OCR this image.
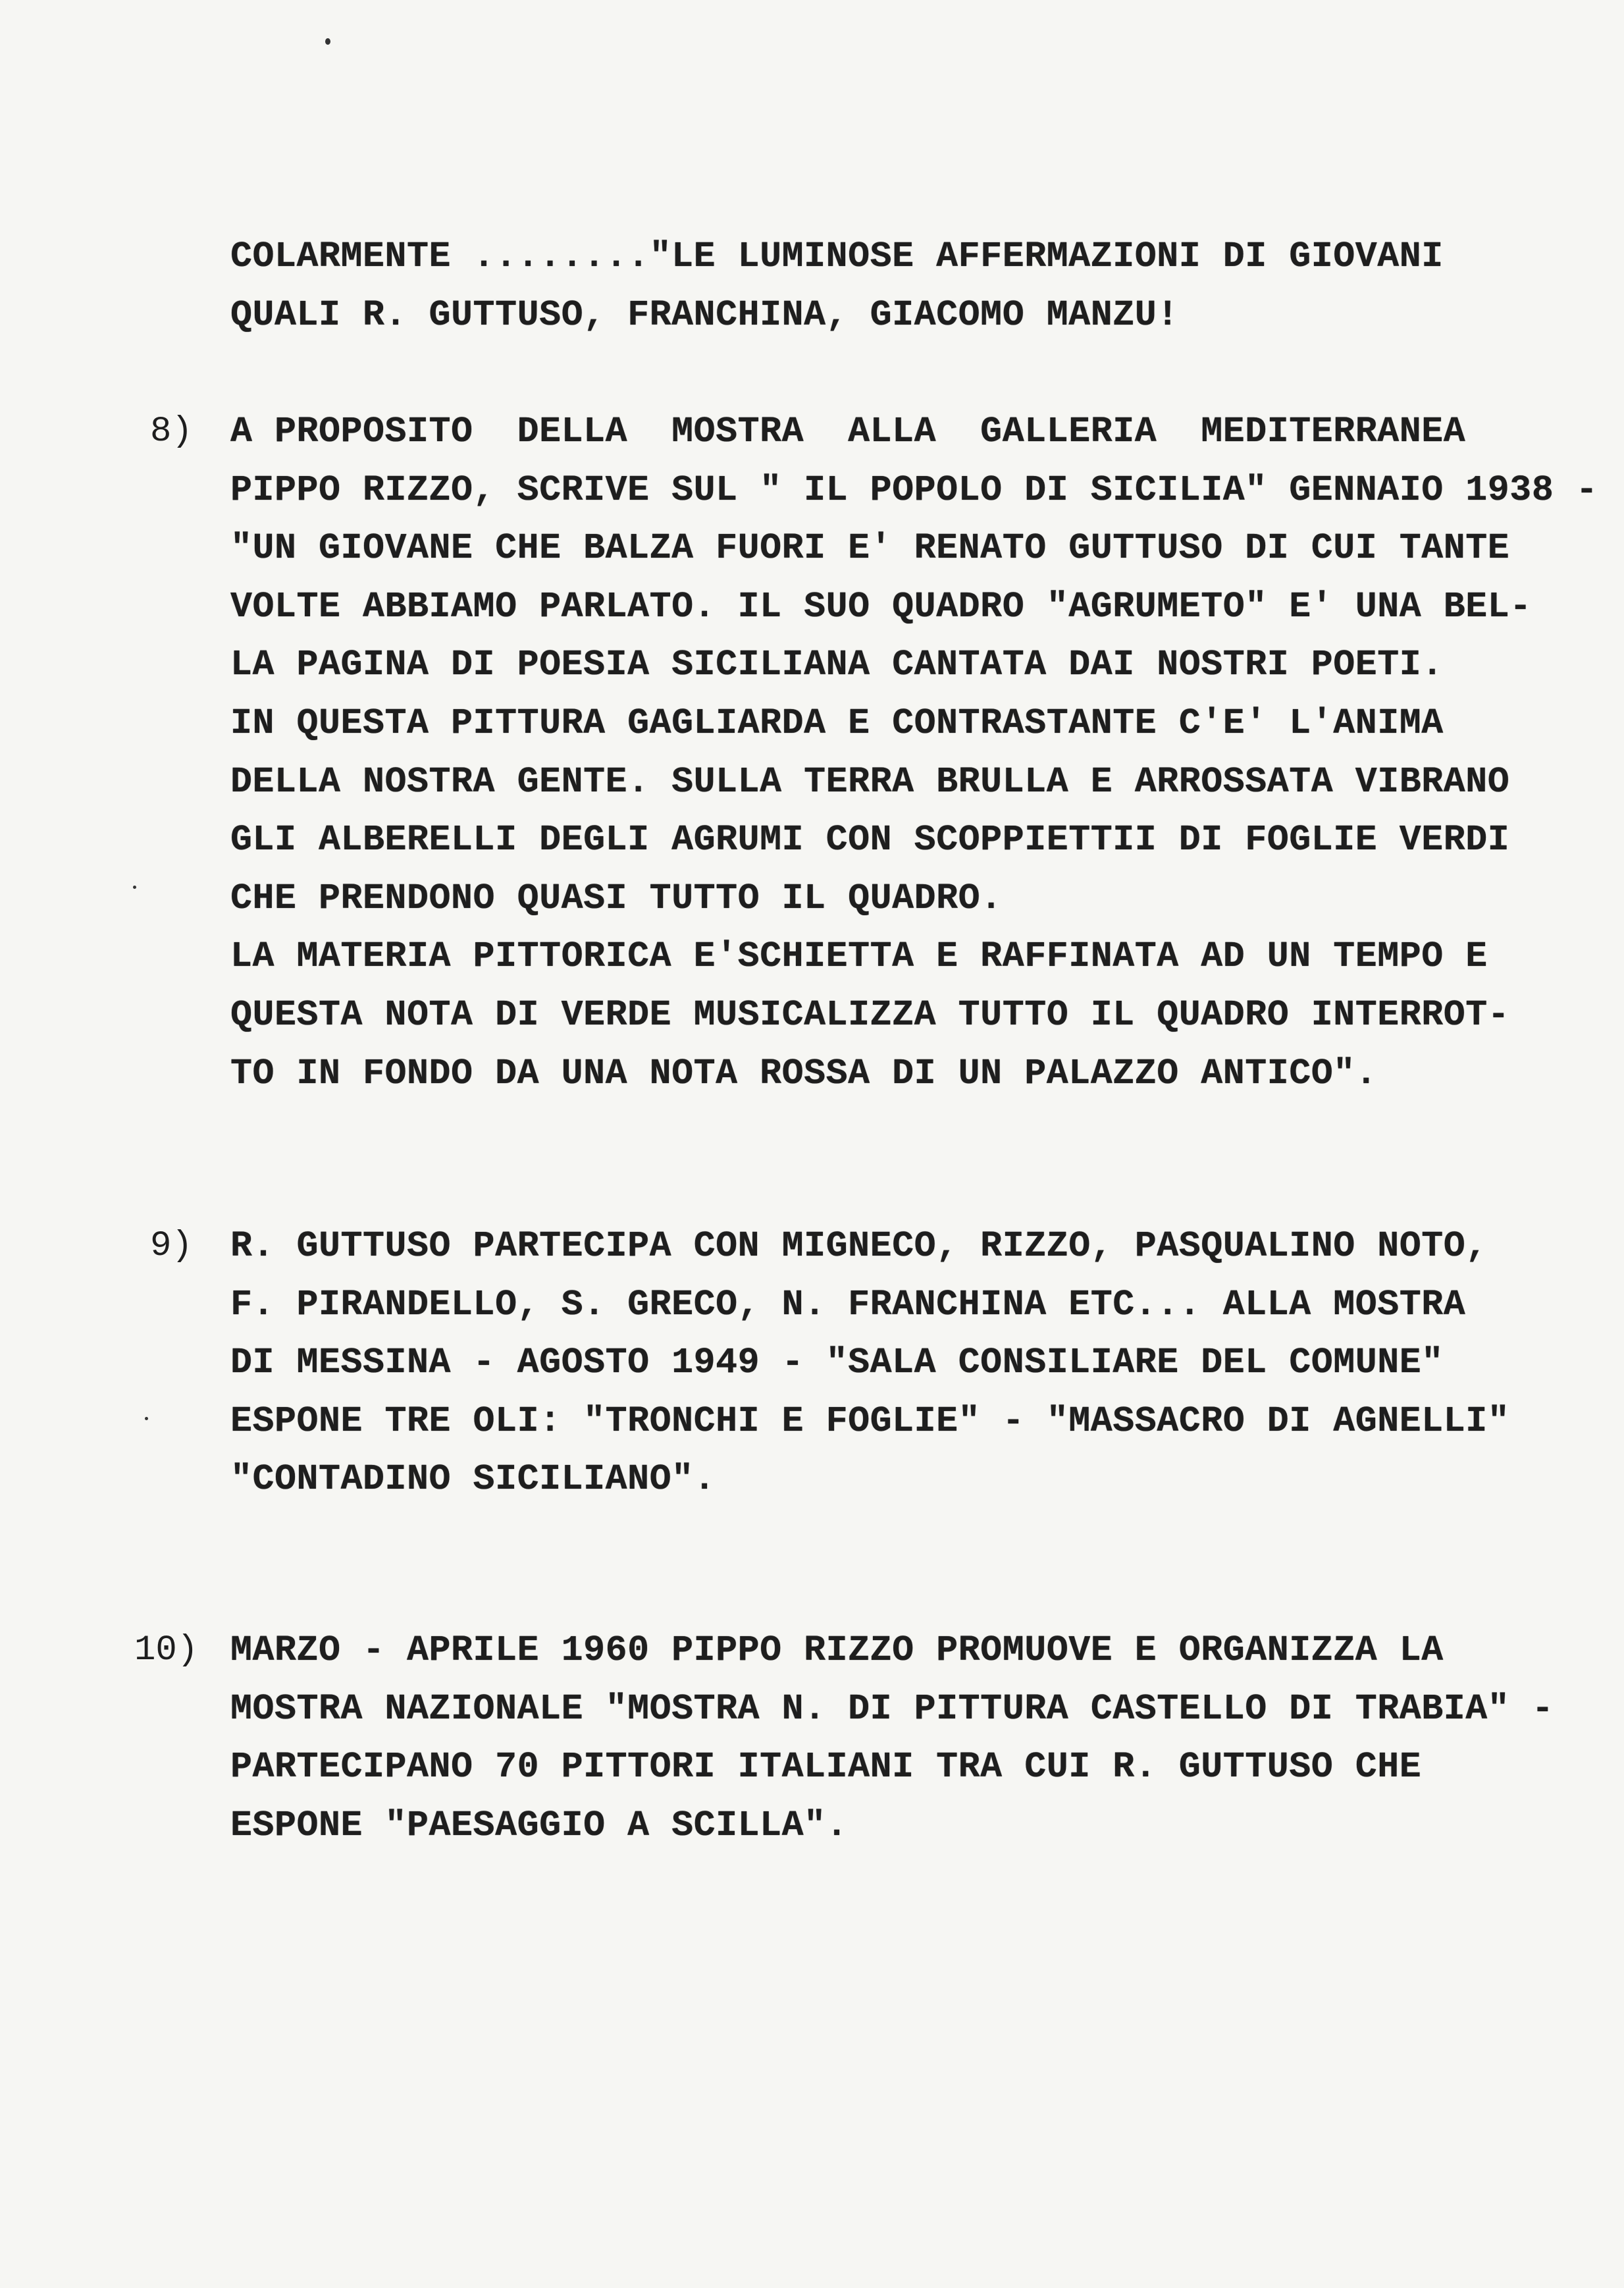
COLARMENTE ........"LE LUMINOSE AFFERMAZIONI DI GIOVANI
QUALI R. GUTTUSO, FRANCHINA, GIACOMO MANZU!
8) A PROPOSITO  DELLA  MOSTRA  ALLA  GALLERIA  MEDITERRANEA
PIPPO RIZZO, SCRIVE SUL " IL POPOLO DI SICILIA" GENNAIO 1938 -
"UN GIOVANE CHE BALZA FUORI E' RENATO GUTTUSO DI CUI TANTE
VOLTE ABBIAMO PARLATO. IL SUO QUADRO "AGRUMETO" E' UNA BEL-
LA PAGINA DI POESIA SICILIANA CANTATA DAI NOSTRI POETI.
IN QUESTA PITTURA GAGLIARDA E CONTRASTANTE C'E' L'ANIMA
DELLA NOSTRA GENTE. SULLA TERRA BRULLA E ARROSSATA VIBRANO
GLI ALBERELLI DEGLI AGRUMI CON SCOPPIETTII DI FOGLIE VERDI
CHE PRENDONO QUASI TUTTO IL QUADRO.
LA MATERIA PITTORICA E'SCHIETTA E RAFFINATA AD UN TEMPO E
QUESTA NOTA DI VERDE MUSICALIZZA TUTTO IL QUADRO INTERROT-
TO IN FONDO DA UNA NOTA ROSSA DI UN PALAZZO ANTICO".
9) R. GUTTUSO PARTECIPA CON MIGNECO, RIZZO, PASQUALINO NOTO,
F. PIRANDELLO, S. GRECO, N. FRANCHINA ETC... ALLA MOSTRA
DI MESSINA - AGOSTO 1949 - "SALA CONSILIARE DEL COMUNE"
ESPONE TRE OLI: "TRONCHI E FOGLIE" - "MASSACRO DI AGNELLI"
"CONTADINO SICILIANO".
10) MARZO - APRILE 1960 PIPPO RIZZO PROMUOVE E ORGANIZZA LA
MOSTRA NAZIONALE "MOSTRA N. DI PITTURA CASTELLO DI TRABIA" -
PARTECIPANO 70 PITTORI ITALIANI TRA CUI R. GUTTUSO CHE
ESPONE "PAESAGGIO A SCILLA".
